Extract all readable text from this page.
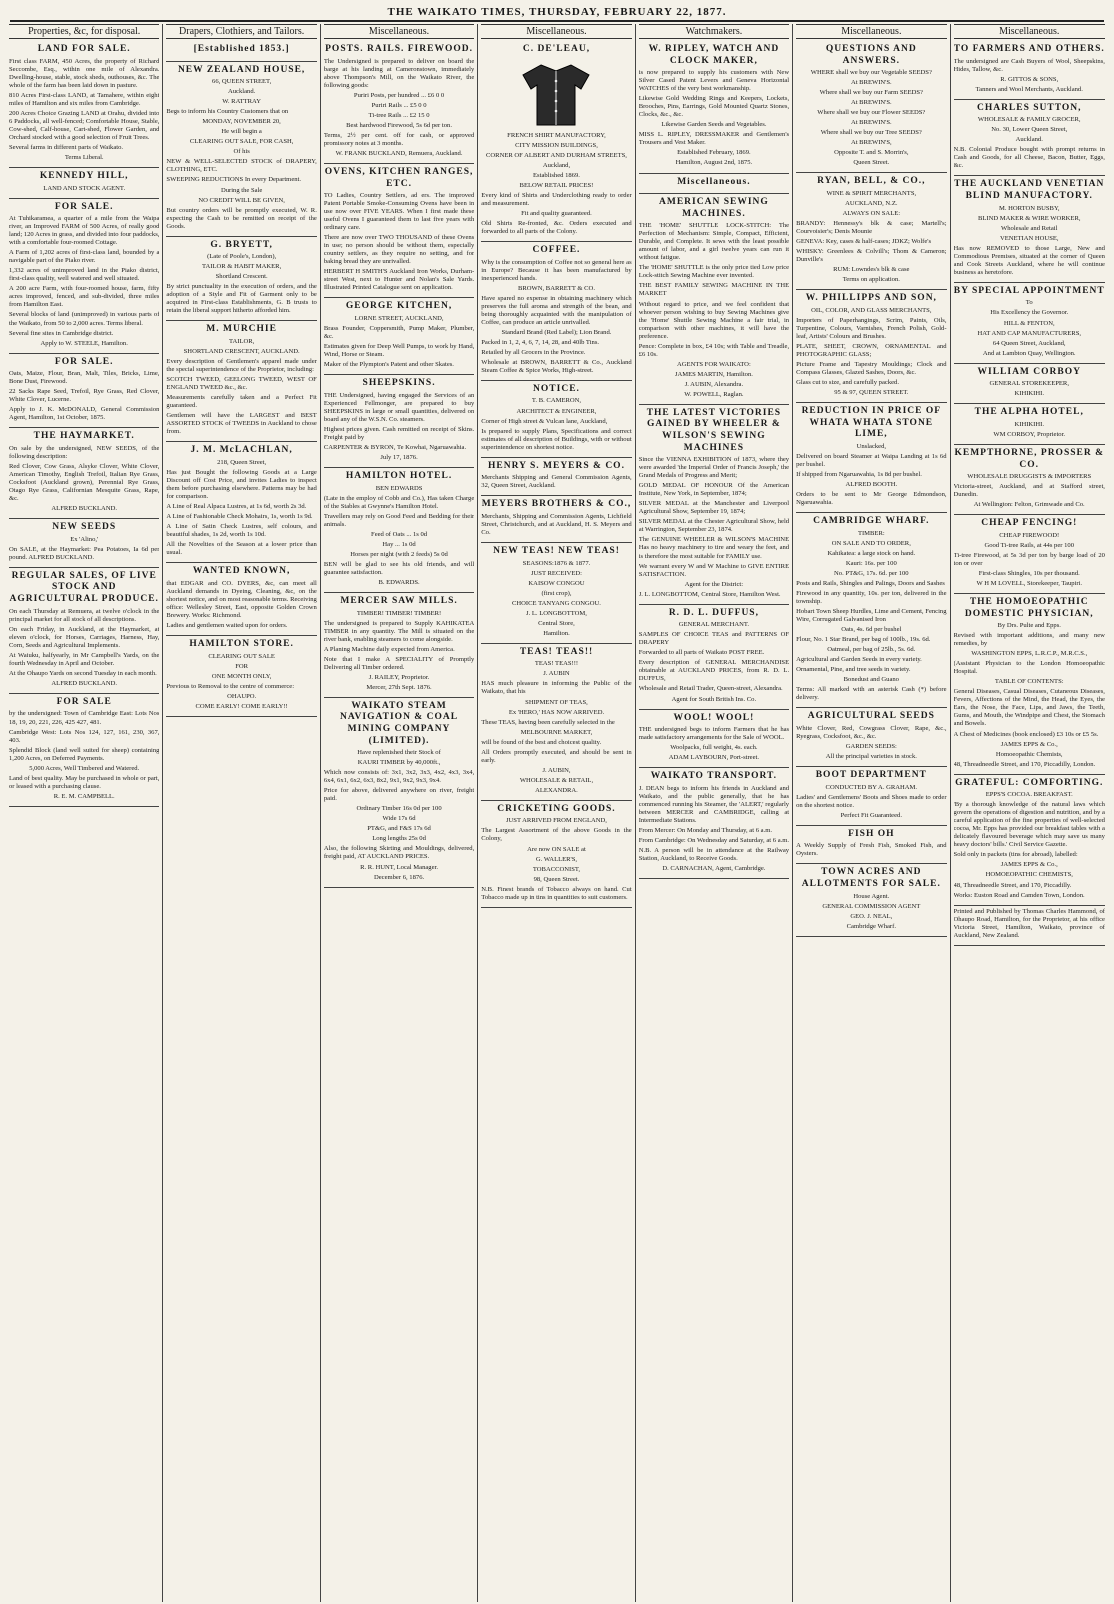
THE WAIKATO TIMES, THURSDAY, FEBRUARY 22, 1877.
Properties, &c, for disposal.
LAND FOR SALE.

First class FARM, 450 Acres, the property of Richard Seccombe, Esq., within one mile of Alexandra. Dwelling-house, stable, stock sheds, outhouses, &c. The whole of the farm has been laid down in pasture.

810 Acres First-class LAND, at Tamahere, within eight miles of Hamilton and six miles from Cambridge.

200 Acres Choice Grazing LAND at Orahu, divided into 6 Paddocks, all well-fenced; Comfortable House, Stable, Cow-shed, Calf-house, Cart-shed, Flower Garden, and Orchard stocked with a good selection of Fruit Trees.

Several farms in different parts of Waikato.

Terms Liberal.

KENNEDY HILL,

LAND AND STOCK AGENT.

FOR SALE.

At Tuhikaramea, a quarter of a mile from the Waipa river, an Improved FARM of 500 Acres, of really good land; 120 Acres in grass, and divided into four paddocks, with a comfortable four-roomed Cottage.

A Farm of 1,202 acres of first-class land, bounded by a navigable part of the Piako river.

1,332 acres of unimproved land in the Piako district, first-class quality, well watered and well situated.

A 200 acre Farm, with four-roomed house, farm, fifty acres improved, fenced, and sub-divided, three miles from Hamilton East.

Several blocks of land (unimproved) in various parts of the Waikato, from 50 to 2,000 acres. Terms liberal.

Several fine sites in Cambridge district.

Apply to W. STEELE, Hamilton.

FOR SALE.

Oats, Maize, Flour, Bran, Malt, Tiles, Bricks, Lime, Bone Dust, Firewood.

22 Sacks Rape Seed, Trefoil, Rye Grass, Red Clover, White Clover, Lucerne.

Apply to J. K. McDONALD, General Commission Agent, Hamilton, 1st October, 1875.

THE HAYMARKET.

On sale by the undersigned, NEW SEEDS, of the following description:

Red Clover, Cow Grass, Alsyke Clover, White Clover, American Timothy, English Trefoil, Italian Rye Grass, Cocksfoot (Auckland grown), Perennial Rye Grass, Otago Rye Grass, Californian Mesquite Grass, Rape, &c.

ALFRED BUCKLAND.

NEW SEEDS

Ex 'Alino,'

On SALE, at the Haymarket: Pea Potatoes, Ia 6d per pound. ALFRED BUCKLAND.

REGULAR SALES, OF LIVE STOCK AND AGRICULTURAL PRODUCE.

On each Thursday at Remuera, at twelve o'clock in the principal market for all stock of all descriptions.

On each Friday, in Auckland, at the Haymarket, at eleven o'clock, for Horses, Carriages, Harness, Hay, Corn, Seeds and Agricultural Implements.

At Waiuku, halfyearly, in Mr Campbell's Yards, on the fourth Wednesday in April and October.

At the Ohaupo Yards on second Tuesday in each month.

ALFRED BUCKLAND.

FOR SALE

by the undersigned: Town of Cambridge East: Lots Nos 18, 19, 20, 221, 226, 425 427, 481.

Cambridge West: Lots Nos 124, 127, 161, 230, 367, 403.

Splendid Block (land well suited for sheep) containing 1,200 Acres, on Deferred Payments.

5,000 Acres, Well Timbered and Watered.

Land of best quality. May be purchased in whole or part, or leased with a purchasing clause.

R. E. M. CAMPBELL.

Drapers, Clothiers, and Tailors.
[Established 1853.]
NEW ZEALAND HOUSE,

66, QUEEN STREET,

Auckland.

W. RATTRAY

Begs to inform his Country Customers that on

MONDAY, NOVEMBER 20,

He will begin a

CLEARING OUT SALE, FOR CASH,

Of his

NEW & WELL-SELECTED STOCK of DRAPERY, CLOTHING, ETC.

SWEEPING REDUCTIONS In every Department.

During the Sale

NO CREDIT WILL BE GIVEN,

But country orders will be promptly executed, W. R. expecting the Cash to be remitted on receipt of the Goods.

G. BRYETT,

(Late of Poole's, London),

TAILOR & HABIT MAKER,

Shortland Crescent.

By strict punctuality in the execution of orders, and the adoption of a Style and Fit of Garment only to be acquired in First-class Establishments, G. B trusts to retain the liberal support hitherto afforded him.

M. MURCHIE

TAILOR,

SHORTLAND CRESCENT, AUCKLAND.

Every description of Gentlemen's apparel made under the special superintendence of the Proprietor, including:

SCOTCH TWEED, GEELONG TWEED, WEST OF ENGLAND TWEED &c., &c.

Measurements carefully taken and a Perfect Fit guaranteed.

Gentlemen will have the LARGEST and BEST ASSORTED STOCK of TWEEDS in Auckland to chose from.

J. M. McLACHLAN,

218, Queen Street,

Has just Bought the following Goods at a Large Discount off Cost Price, and invites Ladies to inspect them before purchasing elsewhere. Patterns may be had for comparison.

A Line of Real Alpaca Lustres, at 1s 6d, worth 2s 3d.

A Line of Fashionable Check Mohairs, 1s, worth 1s 9d.

A Line of Satin Check Lustres, self colours, and beautiful shades, 1s 2d, worth 1s 10d.

All the Novelties of the Season at a lower price than usual.

WANTED KNOWN,

that EDGAR and CO. DYERS, &c, can meet all Auckland demands in Dyeing, Cleaning, &c, on the shortest notice, and on most reasonable terms. Receiving office: Wellesley Street, East, opposite Golden Crown Brewery. Works: Richmond.

Ladies and gentlemen waited upon for orders.

HAMILTON STORE.

CLEARING OUT SALE

FOR

ONE MONTH ONLY,

Previous to Removal to the centre of commerce:

OHAUPO.

COME EARLY! COME EARLY!!

Miscellaneous.
POSTS. RAILS. FIREWOOD.

The Undersigned is prepared to deliver on board the barge at his landing at Cameronstown, immediately above Thompson's Mill, on the Waikato River, the following goods:

Puriri Posts, per hundred ... £6 0 0

Puriri Rails ... £5 0 0

Ti-tree Rails ... £2 15 0

Best hardwood Firewood, 5s 6d per ton.

Terms, 2½ per cent. off for cash, or approved promissory notes at 3 months.

W. FRANK BUCKLAND, Remuera, Auckland.

OVENS, KITCHEN RANGES, ETC.

TO Ladies, Country Settlers, ad ers. The improved Patent Portable Smoke-Consuming Ovens have been in use now over FIVE YEARS. When I first made these useful Ovens I guaranteed them to last five years with ordinary care.

There are now over TWO THOUSAND of these Ovens in use; no person should be without them, especially country settlers, as they require no setting, and for baking bread they are unrivalled.

HERBERT H SMITH'S Auckland Iron Works, Durham-street West, next to Hunter and Nolan's Sale Yards. Illustrated Printed Catalogue sent on application.

GEORGE KITCHEN,

LORNE STREET, AUCKLAND,

Brass Founder, Coppersmith, Pump Maker, Plumber, &c.

Estimates given for Deep Well Pumps, to work by Hand, Wind, Horse or Steam.

Maker of the Plympton's Patent and other Skates.

SHEEPSKINS.

THE Undersigned, having engaged the Services of an Experienced Fellmonger, are prepared to buy SHEEPSKINS in large or small quantities, delivered on board any of the W.S.N. Co. steamers.

Highest prices given. Cash remitted on receipt of Skins. Freight paid by

CARPENTER & BYRON, Te Kowhai, Ngaruawahia.

July 17, 1876.

HAMILTON HOTEL.

BEN EDWARDS

(Late in the employ of Cobb and Co.), Has taken Charge of the Stables at Gwynne's Hamilton Hotel.

Travellers may rely on Good Feed and Bedding for their animals.

Feed of Oats ... 1s 0d

Hay ... 1s 0d

Horses per night (with 2 feeds) 5s 0d

BEN will be glad to see his old friends, and will guarantee satisfaction.

B. EDWARDS.

MERCER SAW MILLS.

TIMBER! TIMBER! TIMBER!

The undersigned is prepared to Supply KAHIKATEA TIMBER in any quantity. The Mill is situated on the river bank, enabling steamers to come alongside.

A Planing Machine daily expected from America.

Note that I make A SPECIALITY of Promptly Delivering all Timber ordered.

J. RAILEY, Proprietor.

Mercer, 27th Sept. 1876.

WAIKATO STEAM NAVIGATION & COAL MINING COMPANY (LIMITED).

Have replenished their Stock of

KAURI TIMBER by 40,000ft.,

Which now consists of: 3x1, 3x2, 3x3, 4x2, 4x3, 3x4, 6x4, 6x1, 6x2, 6x3, 8x2, 9x1, 9x2, 9x3, 9x4.

Price for above, delivered anywhere on river, freight paid.

Ordinary Timber 16s 0d per 100

Wide 17s 6d

PT&G, and F&S 17s 6d

Long lengths 25s 0d

Also, the following Skirting and Mouldings, delivered, freight paid, AT AUCKLAND PRICES.

R. R. HUNT, Local Manager.

December 6, 1876.

Miscellaneous.
C. DE'LEAU,

FRENCH SHIRT MANUFACTORY,

CITY MISSION BUILDINGS,

CORNER OF ALBERT AND DURHAM STREETS,

Auckland,

Established 1869.

BELOW RETAIL PRICES!

Every kind of Shirts and Underclothing ready to order and measurement.

Fit and quality guaranteed.

Old Shirts Re-fronted, &c. Orders executed and forwarded to all parts of the Colony.

COFFEE.

Why is the consumption of Coffee not so general here as in Europe? Because it has been manufactured by inexperienced hands.

BROWN, BARRETT & CO.

Have spared no expense in obtaining machinery which preserves the full aroma and strength of the bean, and being thoroughly acquainted with the manipulation of Coffee, can produce an article unrivalled.

Standard Brand (Red Label); Lion Brand.

Packed in 1, 2, 4, 6, 7, 14, 28, and 40lb Tins.

Retailed by all Grocers in the Province.

Wholesale at BROWN, BARRETT & Co., Auckland Steam Coffee & Spice Works, High-street.

NOTICE.

T. B. CAMERON,

ARCHITECT & ENGINEER,

Corner of High street & Vulcan lane, Auckland,

Is prepared to supply Plans, Specifications and correct estimates of all description of Buildings, with or without superintendence on shortest notice.

HENRY S. MEYERS & CO.

Merchants Shipping and General Commission Agents, 32, Queen Street, Auckland.

MEYERS BROTHERS & CO.,

Merchants, Shipping and Commission Agents, Lichfield Street, Christchurch, and at Auckland, H. S. Meyers and Co.

NEW TEAS! NEW TEAS!

SEASONS:1876 & 1877.

JUST RECEIVED:

KAISOW CONGOU

(first crop),

CHOICE TANYANG CONGOU.

J. L. LONGBOTTOM,

Central Store,

Hamilton.

TEAS! TEAS!!

TEAS! TEAS!!!

J. AUBIN

HAS much pleasure in informing the Public of the Waikato, that his

SHIPMENT OF TEAS,

Ex 'HERO,' HAS NOW ARRIVED.

These TEAS, having been carefully selected in the

MELBOURNE MARKET,

will be found of the best and choicest quality.

All Orders promptly executed, and should be sent in early.

J. AUBIN,

WHOLESALE & RETAIL,

ALEXANDRA.

CRICKETING GOODS.

JUST ARRIVED FROM ENGLAND,

The Largest Assortment of the above Goods in the Colony,

Are now ON SALE at

G. WALLER'S,

TOBACCONIST,

98, Queen Street.

N.B. Finest brands of Tobacco always on hand. Cut Tobacco made up in tins in quantities to suit customers.

Watchmakers.
W. RIPLEY, WATCH AND CLOCK MAKER,

is now prepared to supply his customers with New Silver Cased Patent Levers and Geneva Horizontal WATCHES of the very best workmanship.

Likewise Gold Wedding Rings and Keepers, Lockets, Brooches, Pins, Earrings, Gold Mounted Quartz Stones, Clocks, &c., &c.

Likewise Garden Seeds and Vegetables.

MISS L. RIPLEY, DRESSMAKER and Gentlemen's Trousers and Vest Maker.

Established February, 1869.

Hamilton, August 2nd, 1875.

Miscellaneous.
AMERICAN SEWING MACHINES.

THE 'HOME' SHUTTLE LOCK-STITCH: The Perfection of Mechanism: Simple, Compact, Efficient, Durable, and Complete. It sews with the least possible amount of labor, and a girl twelve years can run it without fatigue.

The 'HOME' SHUTTLE is the only price tied Low price Lock-stitch Sewing Machine ever invented.

THE BEST FAMILY SEWING MACHINE IN THE MARKET

Without regard to price, and we feel confident that whoever person wishing to buy Sewing Machines give the 'Home' Shuttle Sewing Machine a fair trial, in comparison with other machines, it will have the preference.

Pence: Complete in box, £4 10s; with Table and Treadle, £6 10s.

AGENTS FOR WAIKATO:

JAMES MARTIN, Hamilton.

J. AUBIN, Alexandra.

W. POWELL, Raglan.

THE LATEST VICTORIES GAINED BY WHEELER & WILSON'S SEWING MACHINES

Since the VIENNA EXHIBITION of 1873, where they were awarded 'the Imperial Order of Francis Joseph,' the Grand Medals of Progress and Merit;

GOLD MEDAL OF HONOUR Of the American Institute, New York, in September, 1874;

SILVER MEDAL at the Manchester and Liverpool Agricultural Show, September 19, 1874;

SILVER MEDAL at the Chester Agricultural Show, held at Warrington, September 23, 1874.

The GENUINE WHEELER & WILSON'S MACHINE Has no heavy machinery to tire and weary the feet, and is therefore the most suitable for FAMILY use.

We warrant every W and W Machine to GIVE ENTIRE SATISFACTION.

Agent for the District:

J. L. LONGBOTTOM, Central Store, Hamilton West.

R. D. L. DUFFUS,

GENERAL MERCHANT.

SAMPLES OF CHOICE TEAS and PATTERNS OF DRAPERY

Forwarded to all parts of Waikato POST FREE.

Every description of GENERAL MERCHANDISE obtainable at AUCKLAND PRICES, from R. D. L. DUFFUS,

Wholesale and Retail Trader, Queen-street, Alexandra.

Agent for South British Ins. Co.

WOOL! WOOL!

THE undersigned begs to inform Farmers that he has made satisfactory arrangements for the Sale of WOOL.

Woolpacks, full weight, 4s. each.

ADAM LAYBOURN, Port-street.

WAIKATO TRANSPORT.

J. DEAN begs to inform his friends in Auckland and Waikato, and the public generally, that he has commenced running his Steamer, the 'ALERT,' regularly between MERCER and CAMBRIDGE, calling at Intermediate Stations.

From Mercer: On Monday and Thursday, at 6 a.m.

From Cambridge: On Wednesday and Saturday, at 6 a.m.

N.B. A person will be in attendance at the Railway Station, Auckland, to Receive Goods.

D. CARNACHAN, Agent, Cambridge.

Miscellaneous.
QUESTIONS AND ANSWERS.

WHERE shall we buy our Vegetable SEEDS?

At BREWIN'S.

Where shall we buy our Farm SEEDS?

At BREWIN'S.

Where shall we buy our Flower SEEDS?

At BREWIN'S.

Where shall we buy our Tree SEEDS?

At BREWIN'S,

Opposite T. and S. Morrin's,

Queen Street.

RYAN, BELL, & CO.,

WINE & SPIRIT MERCHANTS,

AUCKLAND, N.Z.

ALWAYS ON SALE:

BRANDY: Hennessy's blk & case; Martell's; Courvoisier's; Denis Mounie

GENEVA: Key, cases & half-cases; JDKZ; Wolfe's

WHISKY: Greenlees & Colvill's; Thom & Cameron; Dunville's

RUM: Lowndes's blk & case

Terms on application.

W. PHILLIPPS AND SON,

OIL, COLOR, AND GLASS MERCHANTS,

Importers of Paperhangings, Scrim, Paints, Oils, Turpentine, Colours, Varnishes, French Polish, Gold-leaf, Artists' Colours and Brushes.

PLATE, SHEET, CROWN, ORNAMENTAL and PHOTOGRAPHIC GLASS;

Picture Frame and Tapestry Mouldings; Clock and Compass Glasses, Glazed Sashes, Doors, &c.

Glass cut to size, and carefully packed.

95 & 97, QUEEN STREET.

REDUCTION IN PRICE OF WHATA WHATA STONE LIME,

Unslacked,

Delivered on board Steamer at Waipa Landing at 1s 6d per bushel.

If shipped from Ngaruawahia, 1s 8d per bushel.

ALFRED BOOTH.

Orders to be sent to Mr George Edmondson, Ngaruawahia.

CAMBRIDGE WHARF.

TIMBER:

ON SALE AND TO ORDER,

Kahikatea: a large stock on hand.

Kauri: 16s. per 100

No. PT&G, 17s. 6d. per 100

Posts and Rails, Shingles and Palings, Doors and Sashes

Firewood in any quantity, 10s. per ton, delivered in the township.

Hobart Town Sheep Hurdles, Lime and Cement, Fencing Wire, Corrugated Galvanised Iron

Oats, 4s. 6d per bushel

Flour, No. 1 Star Brand, per bag of 100lb., 19s. 6d.

Oatmeal, per bag of 25lb., 5s. 6d.

Agricultural and Garden Seeds in every variety.

Ornamental, Pine, and tree seeds in variety.

Bonedust and Guano

Terms: All marked with an asterisk Cash (*) before delivery.

AGRICULTURAL SEEDS

White Clover, Red, Cowgrass Clover, Rape, &c., Ryegrass, Cocksfoot, &c., &c.

GARDEN SEEDS:

All the principal varieties in stock.

BOOT DEPARTMENT

CONDUCTED BY A. GRAHAM.

Ladies' and Gentlemens' Boots and Shoes made to order on the shortest notice.

Perfect Fit Guaranteed.

FISH OH

A Weekly Supply of Fresh Fish, Smoked Fish, and Oysters.

TOWN ACRES AND ALLOTMENTS FOR SALE.

House Agent.

GENERAL COMMISSION AGENT

GEO. J. NEAL,

Cambridge Wharf.

Miscellaneous.
TO FARMERS AND OTHERS.

The undersigned are Cash Buyers of Wool, Sheepskins, Hides, Tallow, &c.

R. GITTOS & SONS,

Tanners and Wool Merchants, Auckland.

CHARLES SUTTON,

WHOLESALE & FAMILY GROCER,

No. 30, Lower Queen Street,

Auckland.

N.B. Colonial Produce bought with prompt returns in Cash and Goods, for all Cheese, Bacon, Butter, Eggs, &c.

THE AUCKLAND VENETIAN BLIND MANUFACTORY.

M. HORTON BUSBY,

BLIND MAKER & WIRE WORKER,

Wholesale and Retail

VENETIAN HOUSE,

Has now REMOVED to those Large, New and Commodious Premises, situated at the corner of Queen and Cook Streets Auckland, where he will continue business as heretofore.

BY SPECIAL APPOINTMENT

To

His Excellency the Governor.

HILL & FENTON,

HAT AND CAP MANUFACTURERS,

64 Queen Street, Auckland,

And at Lambton Quay, Wellington.

WILLIAM CORBOY

GENERAL STOREKEEPER,

KIHIKIHI.

THE ALPHA HOTEL,

KIHIKIHI.

WM CORBOY, Proprietor.

KEMPTHORNE, PROSSER & CO.

WHOLESALE DRUGGISTS & IMPORTERS

Victoria-street, Auckland, and at Stafford street, Dunedin.

At Wellington: Felton, Grimwade and Co.

CHEAP FENCING!

CHEAP FIREWOOD!

Good Ti-tree Rails, at 44s per 100

Ti-tree Firewood, at 5s 3d per ton by barge load of 20 ton or over

First-class Shingles, 10s per thousand.

W H M LOVELL, Storekeeper, Taupiri.

THE HOMOEOPATHIC DOMESTIC PHYSICIAN,

By Drs. Pulte and Epps.

Revised with important additions, and many new remedies, by

WASHINGTON EPPS, L.R.C.P., M.R.C.S.,

(Assistant Physician to the London Homoeopathic Hospital.

TABLE OF CONTENTS:

General Diseases, Casual Diseases, Cutaneous Diseases, Fevers, Affections of the Mind, the Head, the Eyes, the Ears, the Nose, the Face, Lips, and Jaws, the Teeth, Gums, and Mouth, the Windpipe and Chest, the Stomach and Bowels.

A Chest of Medicines (book enclosed) £3 10s or £5 5s.

JAMES EPPS & Co.,

Homoeopathic Chemists,

48, Threadneedle Street, and 170, Piccadilly, London.

GRATEFUL: COMFORTING.

EPPS'S COCOA. BREAKFAST.

'By a thorough knowledge of the natural laws which govern the operations of digestion and nutrition, and by a careful application of the fine properties of well-selected cocoa, Mr. Epps has provided our breakfast tables with a delicately flavoured beverage which may save us many heavy doctors' bills.' Civil Service Gazette.

Sold only in packets (tins for abroad), labelled:

JAMES EPPS & Co.,

HOMOEOPATHIC CHEMISTS,

48, Threadneedle Street, and 170, Piccadilly.

Works: Euston Road and Camden Town, London.

Printed and Published by Thomas Charles Hammond, of Ohaupo Road, Hamilton, for the Proprietor, at his office Victoria Street, Hamilton, Waikato, province of Auckland, New Zealand.
